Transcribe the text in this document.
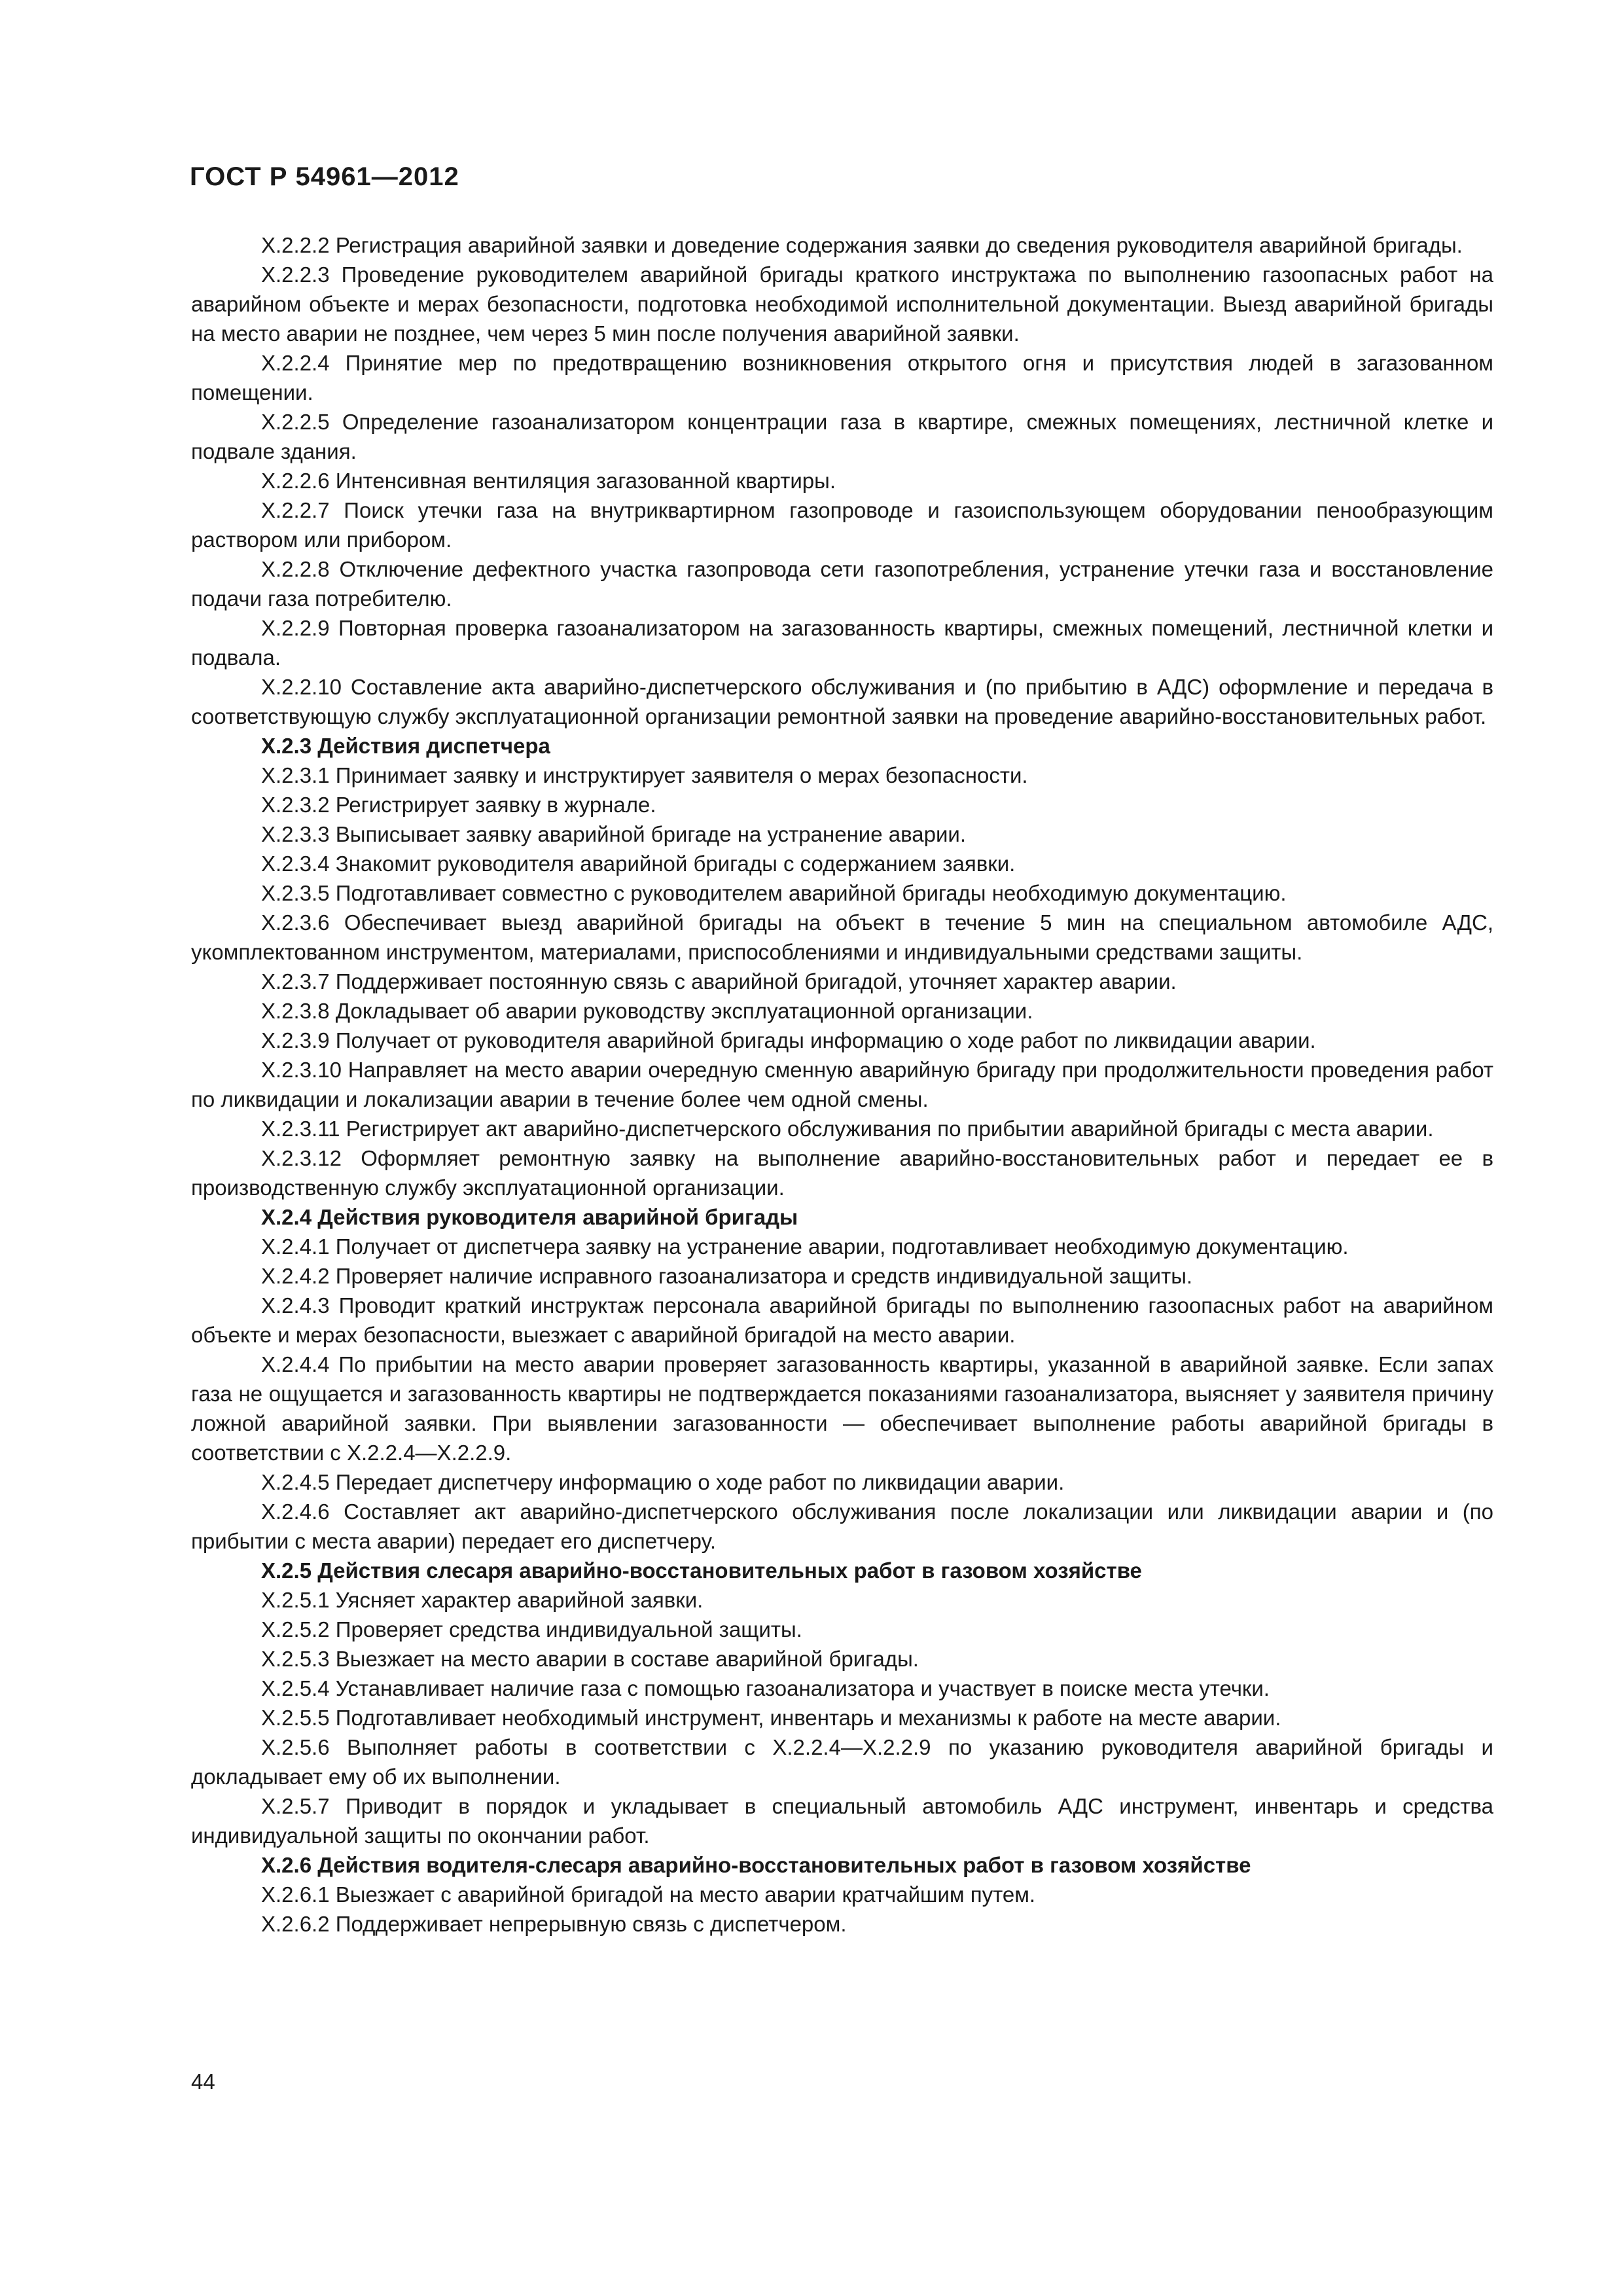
ГОСТ Р 54961—2012

X.2.2.2 Регистрация аварийной заявки и доведение содержания заявки до сведения руководителя аварийной бригады.

X.2.2.3 Проведение руководителем аварийной бригады краткого инструктажа по выполнению газоопасных работ на аварийном объекте и мерах безопасности, подготовка необходимой исполнительной документации. Выезд аварийной бригады на место аварии не позднее, чем через 5 мин после получения аварийной заявки.

X.2.2.4 Принятие мер по предотвращению возникновения открытого огня и присутствия людей в загазованном помещении.

X.2.2.5 Определение газоанализатором концентрации газа в квартире, смежных помещениях, лестничной клетке и подвале здания.

X.2.2.6 Интенсивная вентиляция загазованной квартиры.

X.2.2.7 Поиск утечки газа на внутриквартирном газопроводе и газоиспользующем оборудовании пенообразующим раствором или прибором.

X.2.2.8 Отключение дефектного участка газопровода сети газопотребления, устранение утечки газа и восстановление подачи газа потребителю.

X.2.2.9 Повторная проверка газоанализатором на загазованность квартиры, смежных помещений, лестничной клетки и подвала.

X.2.2.10 Составление акта аварийно-диспетчерского обслуживания и (по прибытию в АДС) оформление и передача в соответствующую службу эксплуатационной организации ремонтной заявки на проведение аварийно-восстановительных работ.

X.2.3 Действия диспетчера

X.2.3.1 Принимает заявку и инструктирует заявителя о мерах безопасности.

X.2.3.2 Регистрирует заявку в журнале.

X.2.3.3 Выписывает заявку аварийной бригаде на устранение аварии.

X.2.3.4 Знакомит руководителя аварийной бригады с содержанием заявки.

X.2.3.5 Подготавливает совместно с руководителем аварийной бригады необходимую документацию.

X.2.3.6 Обеспечивает выезд аварийной бригады на объект в течение 5 мин на специальном автомобиле АДС, укомплектованном инструментом, материалами, приспособлениями и индивидуальными средствами защиты.

X.2.3.7 Поддерживает постоянную связь с аварийной бригадой, уточняет характер аварии.

X.2.3.8 Докладывает об аварии руководству эксплуатационной организации.

X.2.3.9 Получает от руководителя аварийной бригады информацию о ходе работ по ликвидации аварии.

X.2.3.10 Направляет на место аварии очередную сменную аварийную бригаду при продолжительности проведения работ по ликвидации и локализации аварии в течение более чем одной смены.

X.2.3.11 Регистрирует акт аварийно-диспетчерского обслуживания по прибытии аварийной бригады с места аварии.

X.2.3.12 Оформляет ремонтную заявку на выполнение аварийно-восстановительных работ и передает ее в производственную службу эксплуатационной организации.

X.2.4 Действия руководителя аварийной бригады

X.2.4.1 Получает от диспетчера заявку на устранение аварии, подготавливает необходимую документацию.

X.2.4.2 Проверяет наличие исправного газоанализатора и средств индивидуальной защиты.

X.2.4.3 Проводит краткий инструктаж персонала аварийной бригады по выполнению газоопасных работ на аварийном объекте и мерах безопасности, выезжает с аварийной бригадой на место аварии.

X.2.4.4 По прибытии на место аварии проверяет загазованность квартиры, указанной в аварийной заявке. Если запах газа не ощущается и загазованность квартиры не подтверждается показаниями газоанализатора, выясняет у заявителя причину ложной аварийной заявки. При выявлении загазованности — обеспечивает выполнение работы аварийной бригады в соответствии с X.2.2.4—X.2.2.9.

X.2.4.5 Передает диспетчеру информацию о ходе работ по ликвидации аварии.

X.2.4.6 Составляет акт аварийно-диспетчерского обслуживания после локализации или ликвидации аварии и (по прибытии с места аварии) передает его диспетчеру.

X.2.5 Действия слесаря аварийно-восстановительных работ в газовом хозяйстве

X.2.5.1 Уясняет характер аварийной заявки.

X.2.5.2 Проверяет средства индивидуальной защиты.

X.2.5.3 Выезжает на место аварии в составе аварийной бригады.

X.2.5.4 Устанавливает наличие газа с помощью газоанализатора и участвует в поиске места утечки.

X.2.5.5 Подготавливает необходимый инструмент, инвентарь и механизмы к работе на месте аварии.

X.2.5.6 Выполняет работы в соответствии с X.2.2.4—X.2.2.9 по указанию руководителя аварийной бригады и докладывает ему об их выполнении.

X.2.5.7 Приводит в порядок и укладывает в специальный автомобиль АДС инструмент, инвентарь и средства индивидуальной защиты по окончании работ.

X.2.6 Действия водителя-слесаря аварийно-восстановительных работ в газовом хозяйстве

X.2.6.1 Выезжает с аварийной бригадой на место аварии кратчайшим путем.

X.2.6.2 Поддерживает непрерывную связь с диспетчером.

44
